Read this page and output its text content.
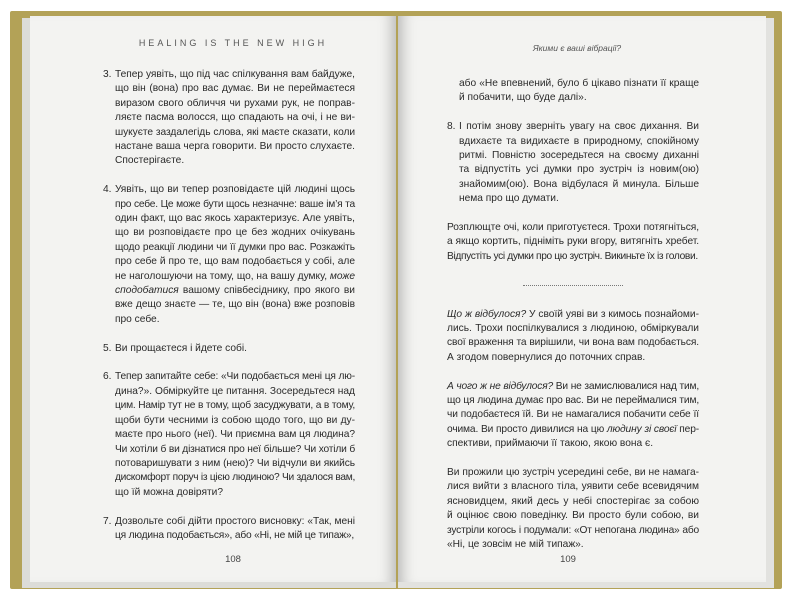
HEALING IS THE NEW HIGH
3. Тепер уявіть, що під час спілкування вам байдуже,
що він (вона) про вас думає. Ви не переймаєтеся
виразом свого обличчя чи рухами рук, не поправ-
ляєте пасма волосся, що спадають на очі, і не ви-
шукуєте заздалегідь слова, які маєте сказати, коли
настане ваша черга говорити. Ви просто слухаєте.
Спостерігаєте.
4. Уявіть, що ви тепер розповідаєте цій людині щось
про себе. Це може бути щось незначне: ваше ім’я та
один факт, що вас якось характеризує. Але уявіть,
що ви розповідаєте про це без жодних очікувань
щодо реакції людини чи її думки про вас. Розкажіть
про себе й про те, що вам подобається у собі, але
не наголошуючи на тому, що, на вашу думку, може
сподобатися вашому співбесіднику, про якого ви
вже дещо знаєте — те, що він (вона) вже розповів
про себе.
5. Ви прощаєтеся і йдете собі.
6. Тепер запитайте себе: «Чи подобається мені ця лю-
дина?». Обміркуйте це питання. Зосередьтеся над
цим. Намір тут не в тому, щоб засуджувати, а в тому,
щоби бути чесними із собою щодо того, що ви ду-
маєте про нього (неї). Чи приємна вам ця людина?
Чи хотіли б ви дізнатися про неї більше? Чи хотіли б
потоваришувати з ним (нею)? Чи відчули ви якийсь
дискомфорт поруч із цією людиною? Чи здалося вам,
що їй можна довіряти?
7. Дозвольте собі дійти простого висновку: «Так, мені
ця людина подобається», або «Ні, не мій це типаж»,
108
Якими є ваші вібрації?
або «Не впевнений, було б цікаво пізнати її краще
й побачити, що буде далі».
8. І потім знову зверніть увагу на своє дихання. Ви
вдихаєте та видихаєте в природному, спокійному
ритмі. Повністю зосередьтеся на своєму диханні
та відпустіть усі думки про зустріч із новим(ою)
знайомим(ою). Вона відбулася й минула. Більше
нема про що думати.
Розплющте очі, коли приготуєтеся. Трохи потягніться,
а якщо кортить, підніміть руки вгору, витягніть хребет.
Відпустіть усі думки про цю зустріч. Викиньте їх із голови.
Що ж відбулося? У своїй уяві ви з кимось познайоми-
лись. Трохи поспілкувалися з людиною, обміркували
свої враження та вирішили, чи вона вам подобається.
А згодом повернулися до поточних справ.
А чого ж не відбулося? Ви не замислювалися над тим,
що ця людина думає про вас. Ви не переймалися тим,
чи подобаєтеся їй. Ви не намагалися побачити себе її
очима. Ви просто дивилися на цю людину зі своєї пер-
спективи, приймаючи її такою, якою вона є.
Ви прожили цю зустріч усередині себе, ви не намага-
лися вийти з власного тіла, уявити себе всевидячим
ясновидцем, який десь у небі спостерігає за собою
й оцінює свою поведінку. Ви просто були собою, ви
зустріли когось і подумали: «От непогана людина» або
«Ні, це зовсім не мій типаж».
109
